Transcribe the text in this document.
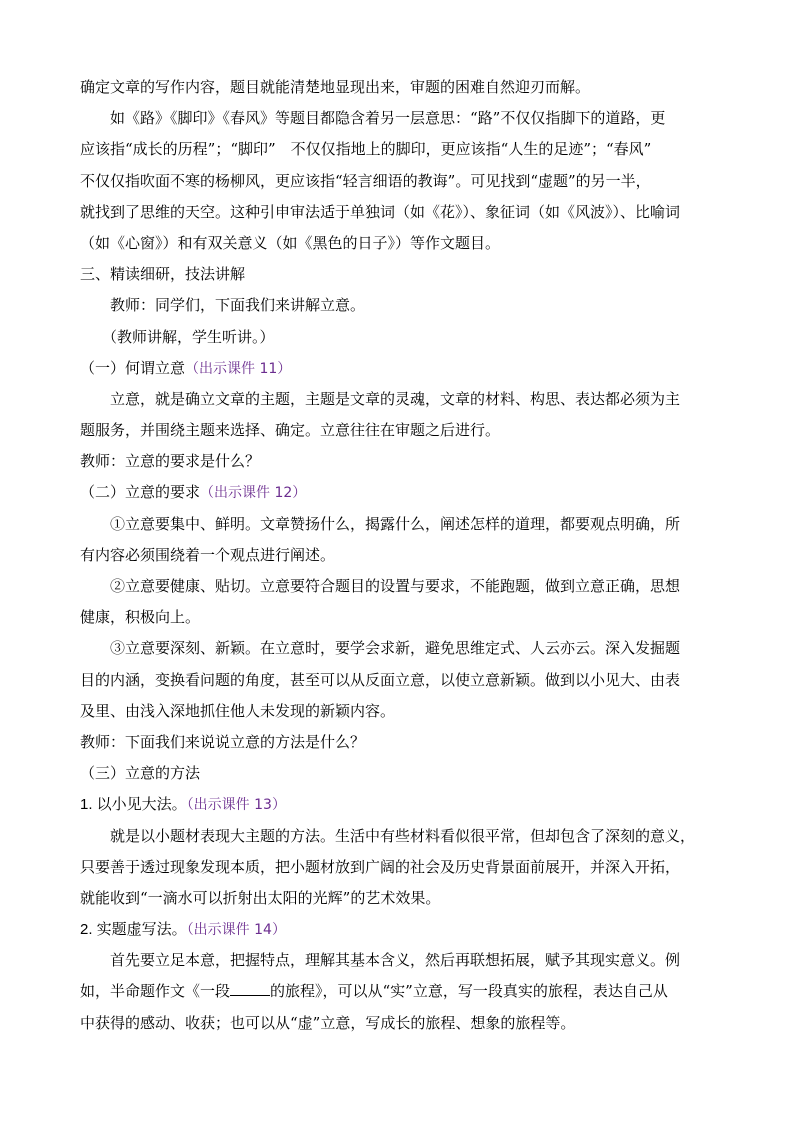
确定文章的写作内容，题目就能清楚地显现出来，审题的困难自然迎刃而解。
如《路》《脚印》《春风》等题目都隐含着另一层意思：“路”不仅仅指脚下的道路，更
应该指“成长的历程”；“脚印”　不仅仅指地上的脚印，更应该指“人生的足迹”；“春风”
不仅仅指吹面不寒的杨柳风，更应该指“轻言细语的教诲”。可见找到“虚题”的另一半，
就找到了思维的天空。这种引申审法适于单独词（如《花》）、象征词（如《风波》）、比喻词
（如《心窗》）和有双关意义（如《黑色的日子》）等作文题目。
三、精读细研，技法讲解
教师：同学们，下面我们来讲解立意。
（教师讲解，学生听讲。）
（一）何谓立意（出示课件 11）
立意，就是确立文章的主题，主题是文章的灵魂，文章的材料、构思、表达都必须为主
题服务，并围绕主题来选择、确定。立意往往在审题之后进行。
教师：立意的要求是什么？
（二）立意的要求（出示课件 12）
①立意要集中、鲜明。文章赞扬什么，揭露什么，阐述怎样的道理，都要观点明确，所
有内容必须围绕着一个观点进行阐述。
②立意要健康、贴切。立意要符合题目的设置与要求，不能跑题，做到立意正确，思想
健康，积极向上。
③立意要深刻、新颖。在立意时，要学会求新，避免思维定式、人云亦云。深入发掘题
目的内涵，变换看问题的角度，甚至可以从反面立意，以使立意新颖。做到以小见大、由表
及里、由浅入深地抓住他人未发现的新颖内容。
教师：下面我们来说说立意的方法是什么？
（三）立意的方法
1. 以小见大法。（出示课件 13）
就是以小题材表现大主题的方法。生活中有些材料看似很平常，但却包含了深刻的意义，
只要善于透过现象发现本质，把小题材放到广阔的社会及历史背景面前展开，并深入开拓，
就能收到“一滴水可以折射出太阳的光辉”的艺术效果。
2. 实题虚写法。（出示课件 14）
首先要立足本意，把握特点，理解其基本含义，然后再联想拓展，赋予其现实意义。例
如，半命题作文《一段	的旅程》，可以从“实”立意，写一段真实的旅程，表达自己从
中获得的感动、收获；也可以从“虚”立意，写成长的旅程、想象的旅程等。
